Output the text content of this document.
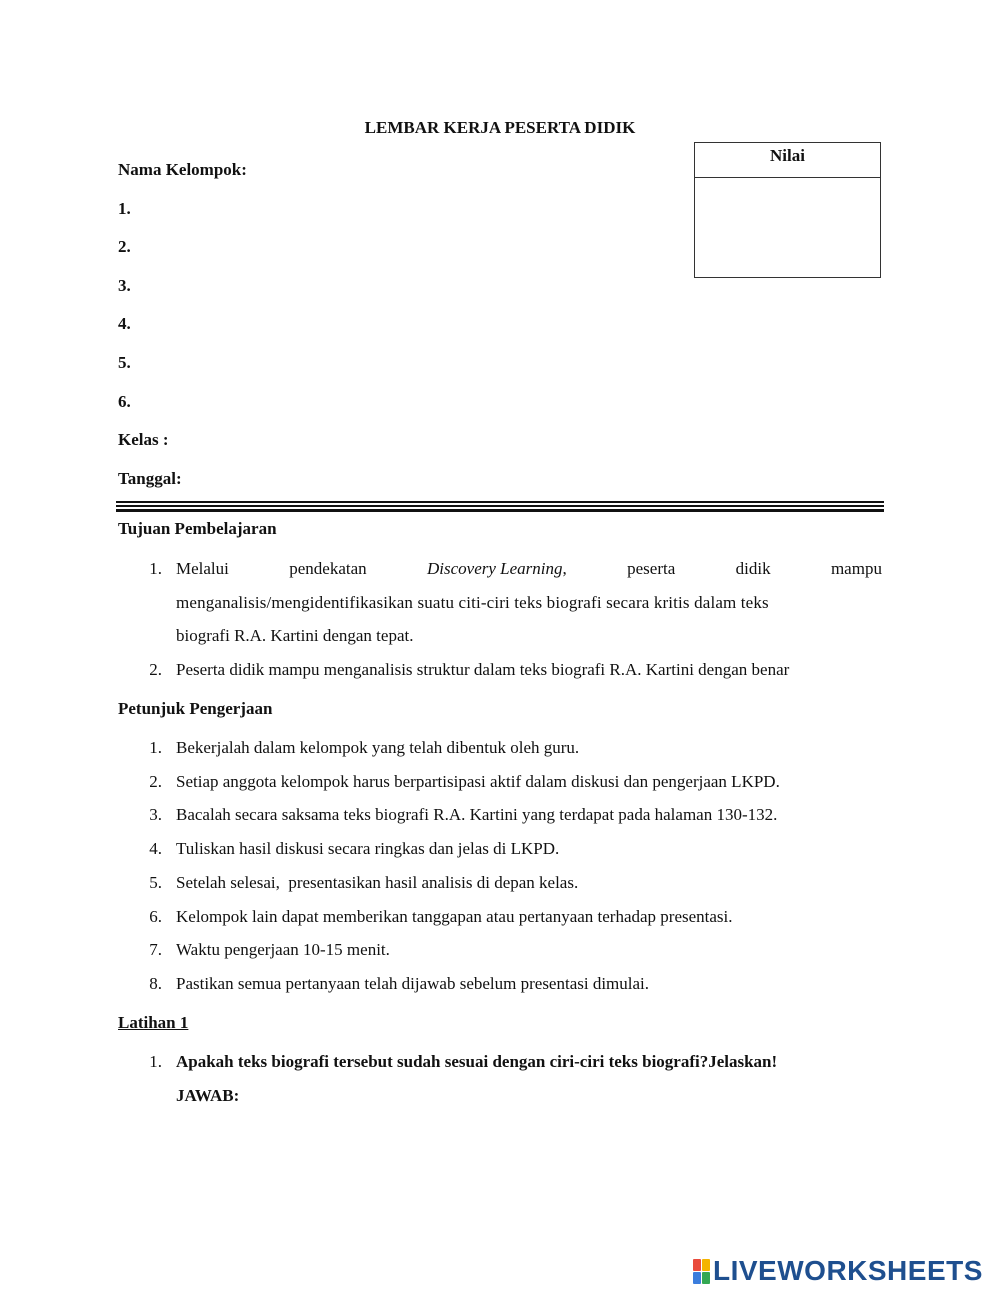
LEMBAR KERJA PESERTA DIDIK
Nilai
Nama Kelompok:
1.
2.
3.
4.
5.
6.
Kelas :
Tanggal:
Tujuan Pembelajaran
1. Melalui	pendekatan	Discovery Learning,	peserta	didik	mampu
menganalisis/mengidentifikasikan suatu citi-ciri teks biografi secara kritis dalam teks
biografi R.A. Kartini dengan tepat.
2. Peserta didik mampu menganalisis struktur dalam teks biografi R.A. Kartini dengan benar
Petunjuk Pengerjaan
1. Bekerjalah dalam kelompok yang telah dibentuk oleh guru.
2. Setiap anggota kelompok harus berpartisipasi aktif dalam diskusi dan pengerjaan LKPD.
3. Bacalah secara saksama teks biografi R.A. Kartini yang terdapat pada halaman 130-132.
4. Tuliskan hasil diskusi secara ringkas dan jelas di LKPD.
5. Setelah selesai,  presentasikan hasil analisis di depan kelas.
6. Kelompok lain dapat memberikan tanggapan atau pertanyaan terhadap presentasi.
7. Waktu pengerjaan 10-15 menit.
8. Pastikan semua pertanyaan telah dijawab sebelum presentasi dimulai.
Latihan 1
1. Apakah teks biografi tersebut sudah sesuai dengan ciri-ciri teks biografi?Jelaskan!
JAWAB:
LIVEWORKSHEETS
